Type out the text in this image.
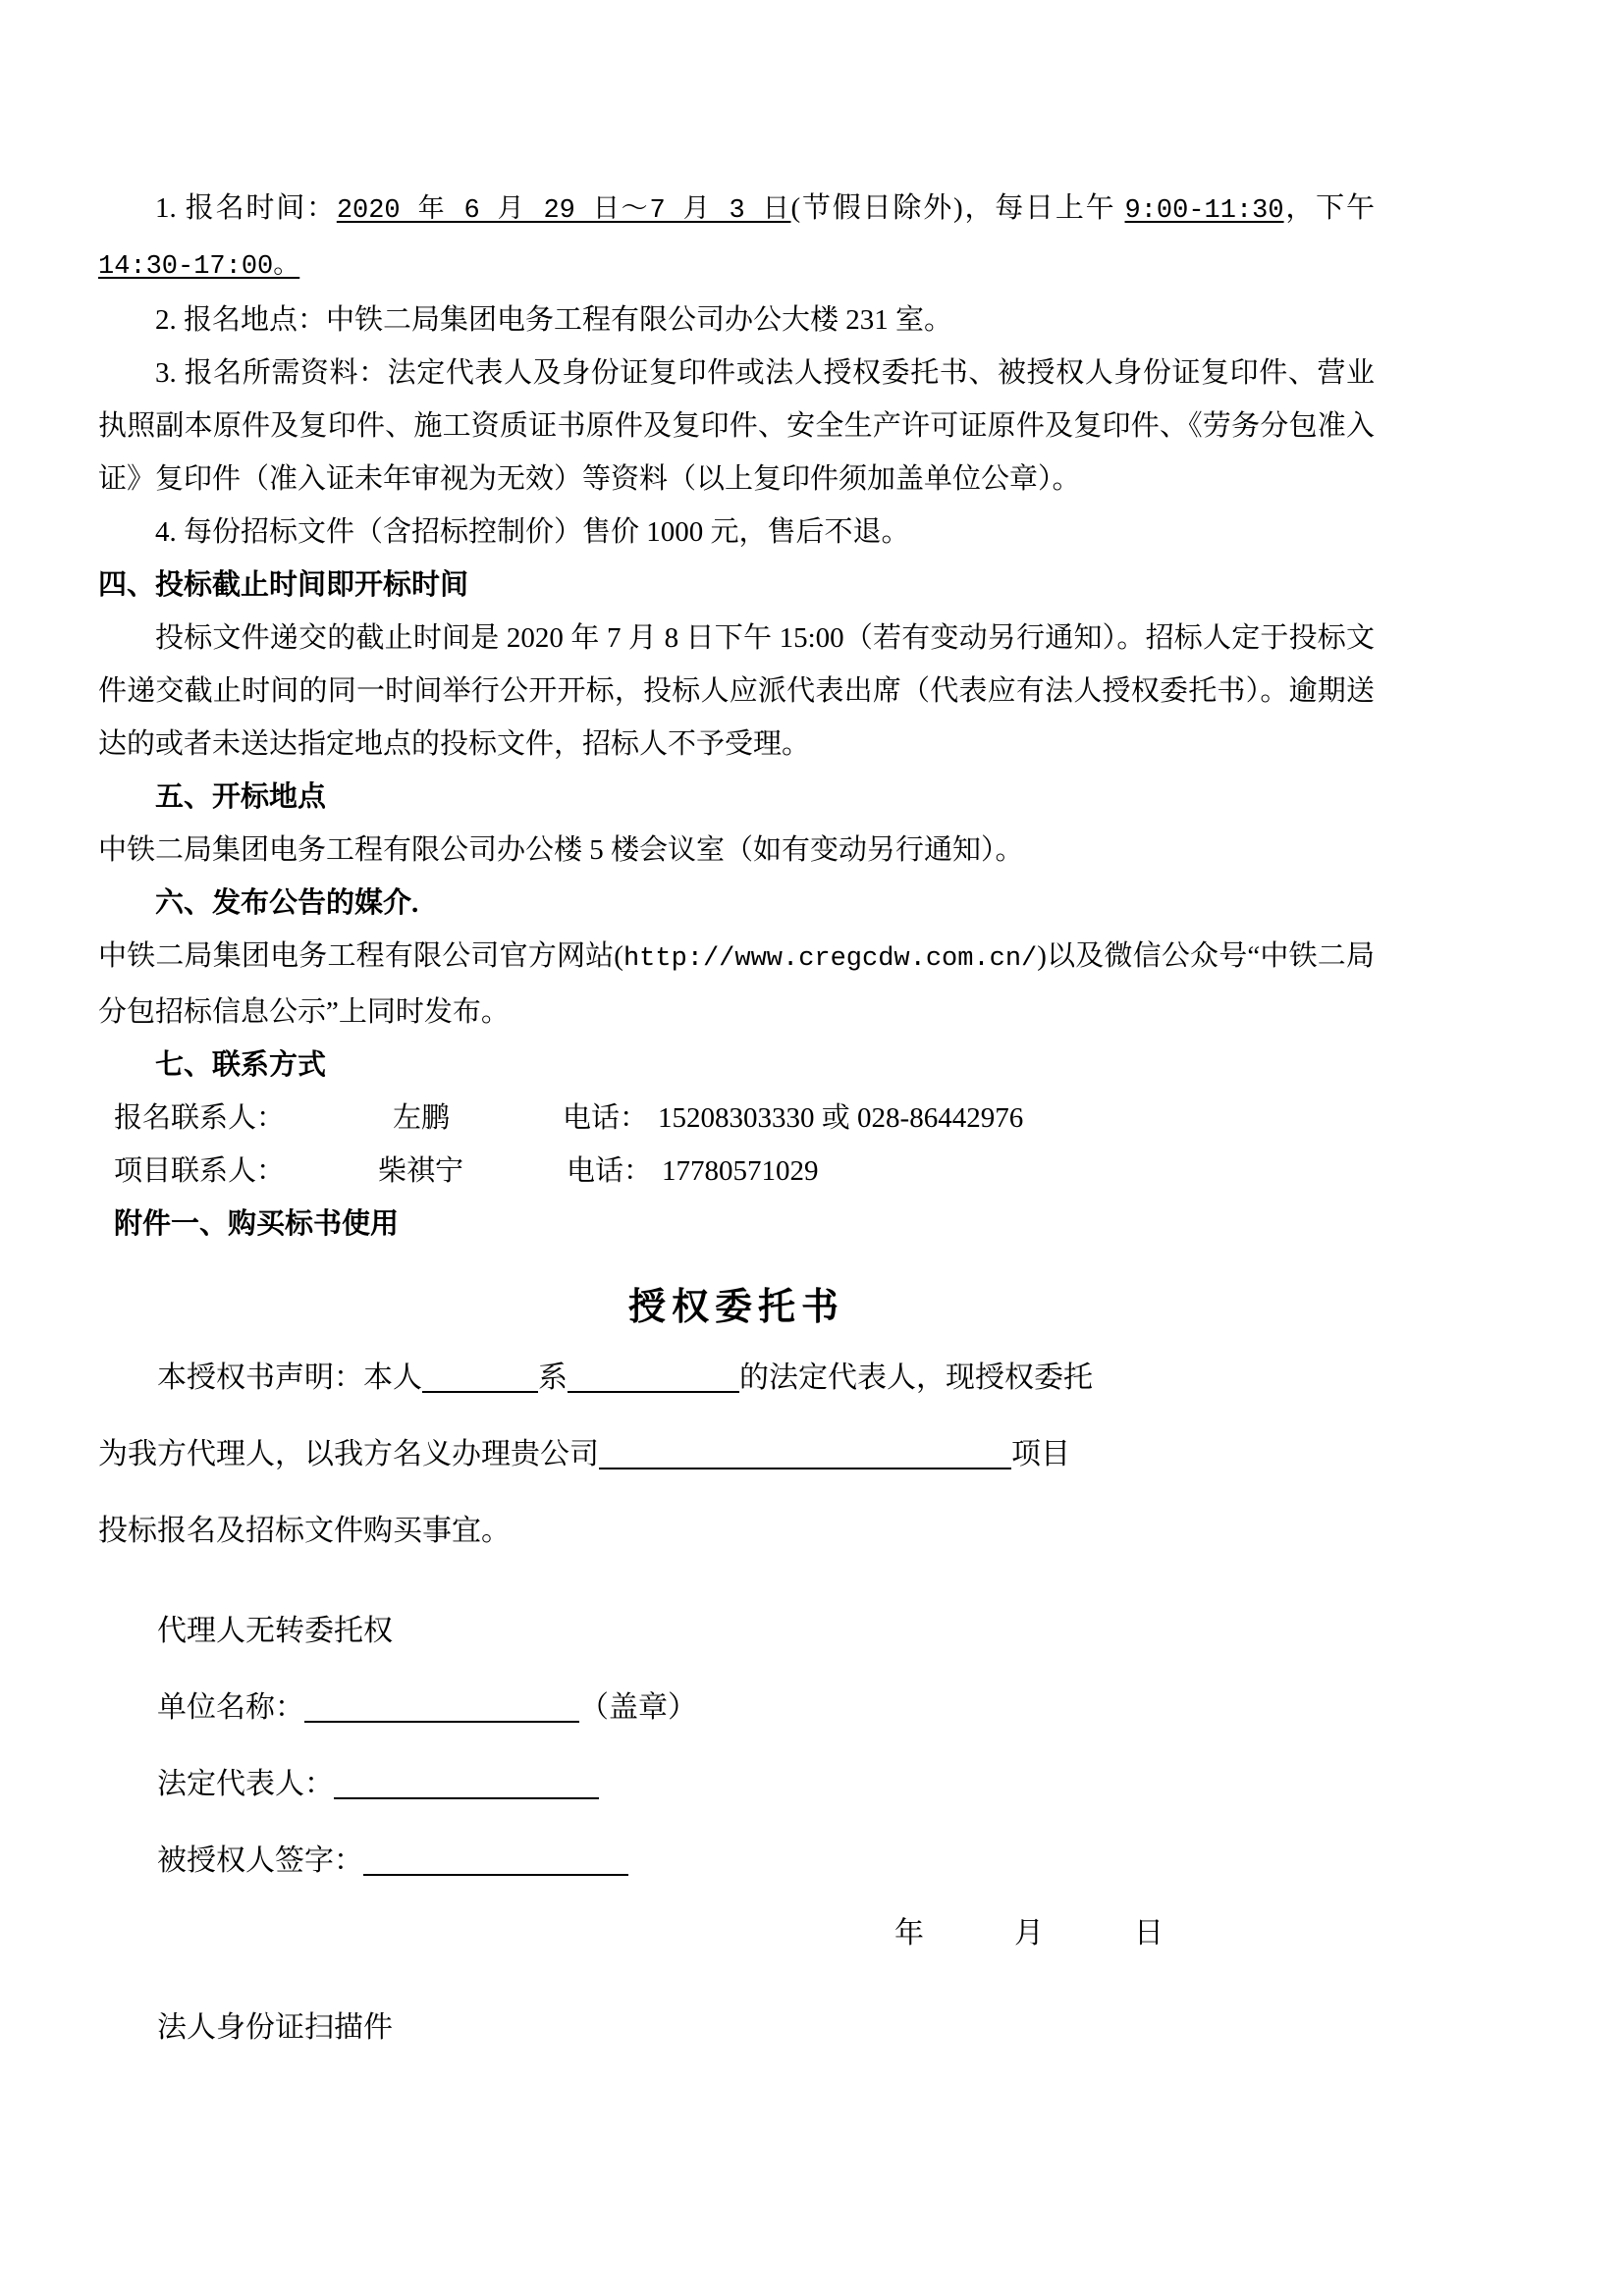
1. 报名时间：2020 年 6 月 29 日～7 月 3 日(节假日除外)，每日上午 9:00-11:30，下午 14:30-17:00。

2. 报名地点：中铁二局集团电务工程有限公司办公大楼 231 室。

3. 报名所需资料：法定代表人及身份证复印件或法人授权委托书、被授权人身份证复印件、营业执照副本原件及复印件、施工资质证书原件及复印件、安全生产许可证原件及复印件、《劳务分包准入证》复印件（准入证未年审视为无效）等资料（以上复印件须加盖单位公章）。

4. 每份招标文件（含招标控制价）售价 1000 元，售后不退。

四、投标截止时间即开标时间

投标文件递交的截止时间是 2020 年 7 月 8 日下午 15:00（若有变动另行通知）。招标人定于投标文件递交截止时间的同一时间举行公开开标，投标人应派代表出席（代表应有法人授权委托书）。逾期送达的或者未送达指定地点的投标文件，招标人不予受理。

五、开标地点

中铁二局集团电务工程有限公司办公楼 5 楼会议室（如有变动另行通知）。

六、发布公告的媒介.

中铁二局集团电务工程有限公司官方网站(http://www.cregcdw.com.cn/)以及微信公众号“中铁二局分包招标信息公示”上同时发布。

七、联系方式

报名联系人：	左鹏	电话： 15208303330 或 028-86442976

项目联系人：	柴祺宁	电话： 17780571029

附件一、购买标书使用

授权委托书

本授权书声明：本人	系	的法定代表人，现授权委托

为我方代理人，以我方名义办理贵公司	项目

投标报名及招标文件购买事宜。

代理人无转委托权

单位名称：	（盖章）

法定代表人：

被授权人签字：

年	月	日

法人身份证扫描件
